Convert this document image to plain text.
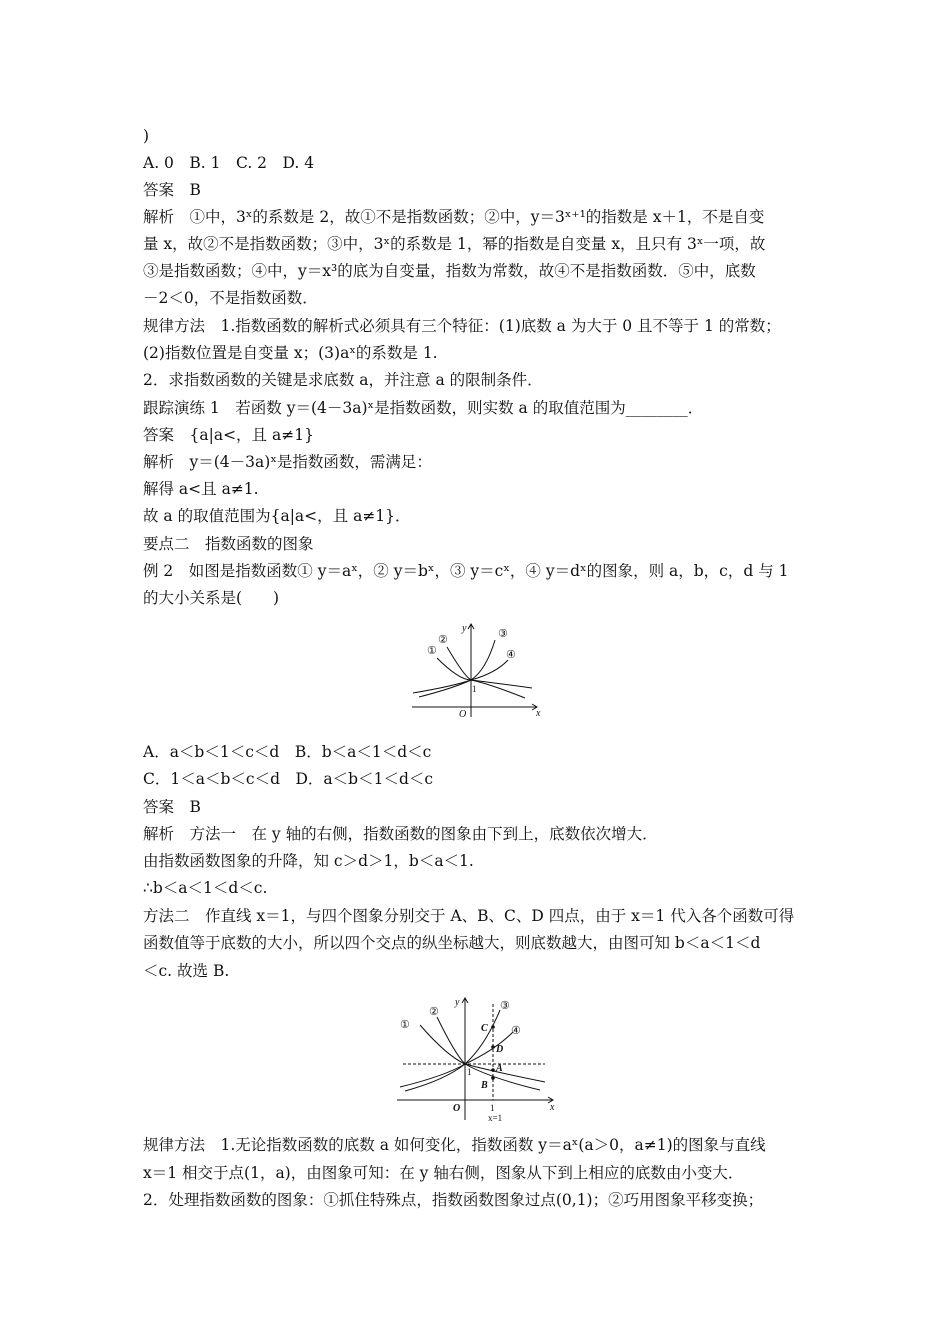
)
A. 0　B. 1　C. 2　D. 4
答案　B
解析　①中，3ˣ的系数是 2，故①不是指数函数；②中，y＝3ˣ⁺¹的指数是 x＋1，不是自变
量 x，故②不是指数函数；③中，3ˣ的系数是 1，幂的指数是自变量 x，且只有 3ˣ一项，故
③是指数函数；④中，y＝x³的底为自变量，指数为常数，故④不是指数函数．⑤中，底数
－2＜0，不是指数函数．
规律方法　1.指数函数的解析式必须具有三个特征：(1)底数 a 为大于 0 且不等于 1 的常数；
(2)指数位置是自变量 x；(3)aˣ的系数是 1.
2．求指数函数的关键是求底数 a，并注意 a 的限制条件．
跟踪演练 1　若函数 y＝(4－3a)ˣ是指数函数，则实数 a 的取值范围为________．
答案　{a|a<，且 a≠1}
解析　y＝(4－3a)ˣ是指数函数，需满足：
解得 a<且 a≠1.
故 a 的取值范围为{a|a<，且 a≠1}．
要点二　指数函数的图象
例 2　如图是指数函数① y＝aˣ，② y＝bˣ，③ y＝cˣ，④ y＝dˣ的图象，则 a，b，c，d 与 1
的大小关系是(　　)
①
②	③
④
y
x
O
1
A．a＜b＜1＜c＜d　B．b＜a＜1＜d＜c
C．1＜a＜b＜c＜d　D．a＜b＜1＜d＜c
答案　B
解析　方法一　在 y 轴的右侧，指数函数的图象由下到上，底数依次增大．
由指数函数图象的升降，知 c＞d＞1，b＜a＜1.
∴b＜a＜1＜d＜c.
方法二　作直线 x＝1，与四个图象分别交于 A、B、C、D 四点，由于 x＝1 代入各个函数可得
函数值等于底数的大小，所以四个交点的纵坐标越大，则底数越大，由图可知 b＜a＜1＜d
＜c. 故选 B.
①
②	③
④
C
D
A
B
y
x
O
1
1
x=1
规律方法　1.无论指数函数的底数 a 如何变化，指数函数 y＝aˣ(a＞0，a≠1)的图象与直线
x＝1 相交于点(1，a)，由图象可知：在 y 轴右侧，图象从下到上相应的底数由小变大．
2．处理指数函数的图象：①抓住特殊点，指数函数图象过点(0,1)；②巧用图象平移变换；
